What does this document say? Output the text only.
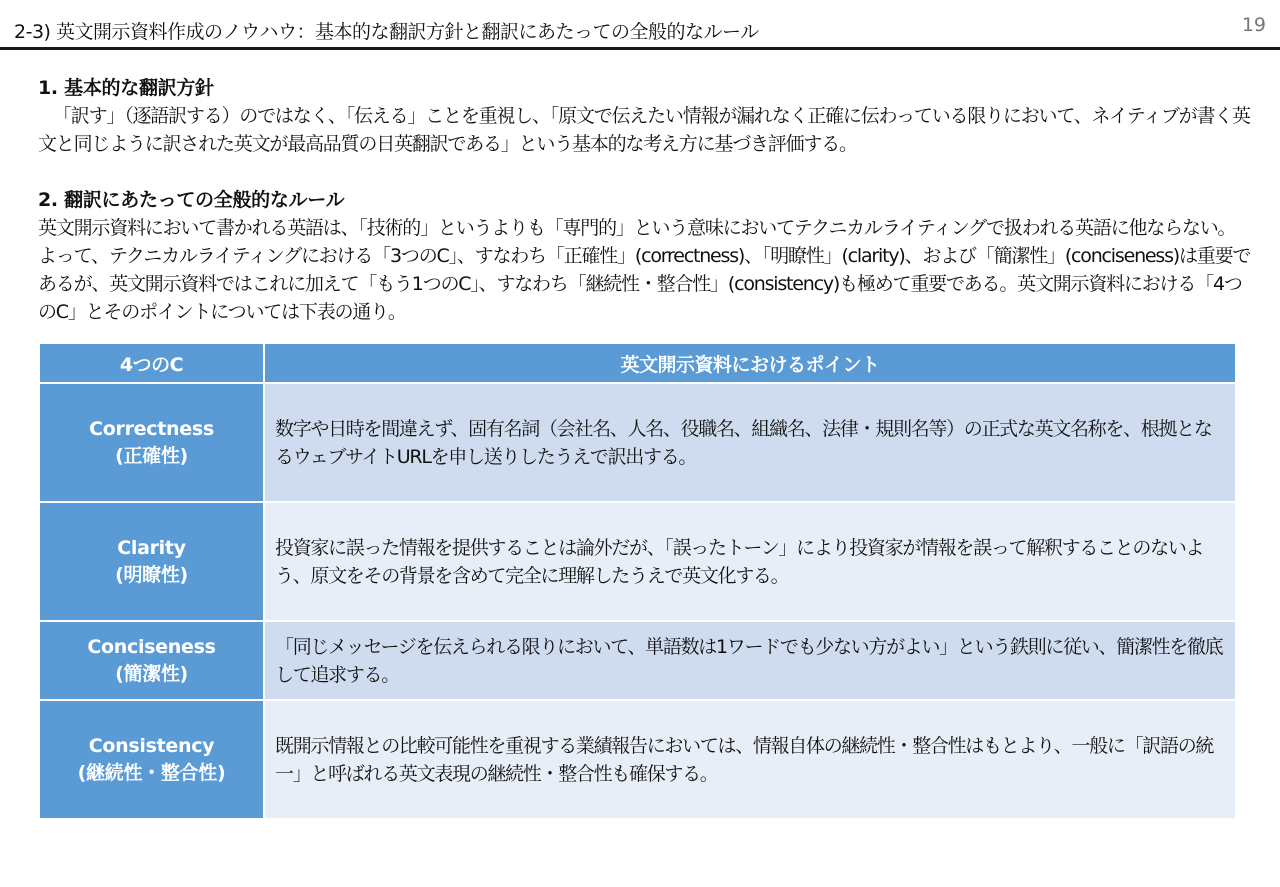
2-3) 英文開示資料作成のノウハウ：基本的な翻訳方針と翻訳にあたっての全般的なルール	19
1. 基本的な翻訳方針
「訳す」（逐語訳する）のではなく、「伝える」ことを重視し、「原文で伝えたい情報が漏れなく正確に伝わっている限りにおいて、ネイティブが書く英文と同じように訳された英文が最高品質の日英翻訳である」という基本的な考え方に基づき評価する。
2. 翻訳にあたっての全般的なルール
英文開示資料において書かれる英語は、「技術的」というよりも「専門的」という意味においてテクニカルライティングで扱われる英語に他ならない。よって、テクニカルライティングにおける「3つのC」、すなわち「正確性」(correctness)、「明瞭性」(clarity)、および「簡潔性」(conciseness)は重要であるが、英文開示資料ではこれに加えて「もう1つのC」、すなわち「継続性・整合性」(consistency)も極めて重要である。英文開示資料における「4つのC」とそのポイントについては下表の通り。
4つのC	英文開示資料におけるポイント

Correctness
(正確性)	数字や日時を間違えず、固有名詞（会社名、人名、役職名、組織名、法律・規則名等）の正式な英文名称を、根拠となるウェブサイトURLを申し送りしたうえで訳出する。

Clarity
(明瞭性)	投資家に誤った情報を提供することは論外だが、「誤ったトーン」により投資家が情報を誤って解釈することのないよう、原文をその背景を含めて完全に理解したうえで英文化する。

Conciseness
(簡潔性)	「同じメッセージを伝えられる限りにおいて、単語数は1ワードでも少ない方がよい」という鉄則に従い、簡潔性を徹底して追求する。

Consistency
(継続性・整合性)	既開示情報との比較可能性を重視する業績報告においては、情報自体の継続性・整合性はもとより、一般に「訳語の統一」と呼ばれる英文表現の継続性・整合性も確保する。
